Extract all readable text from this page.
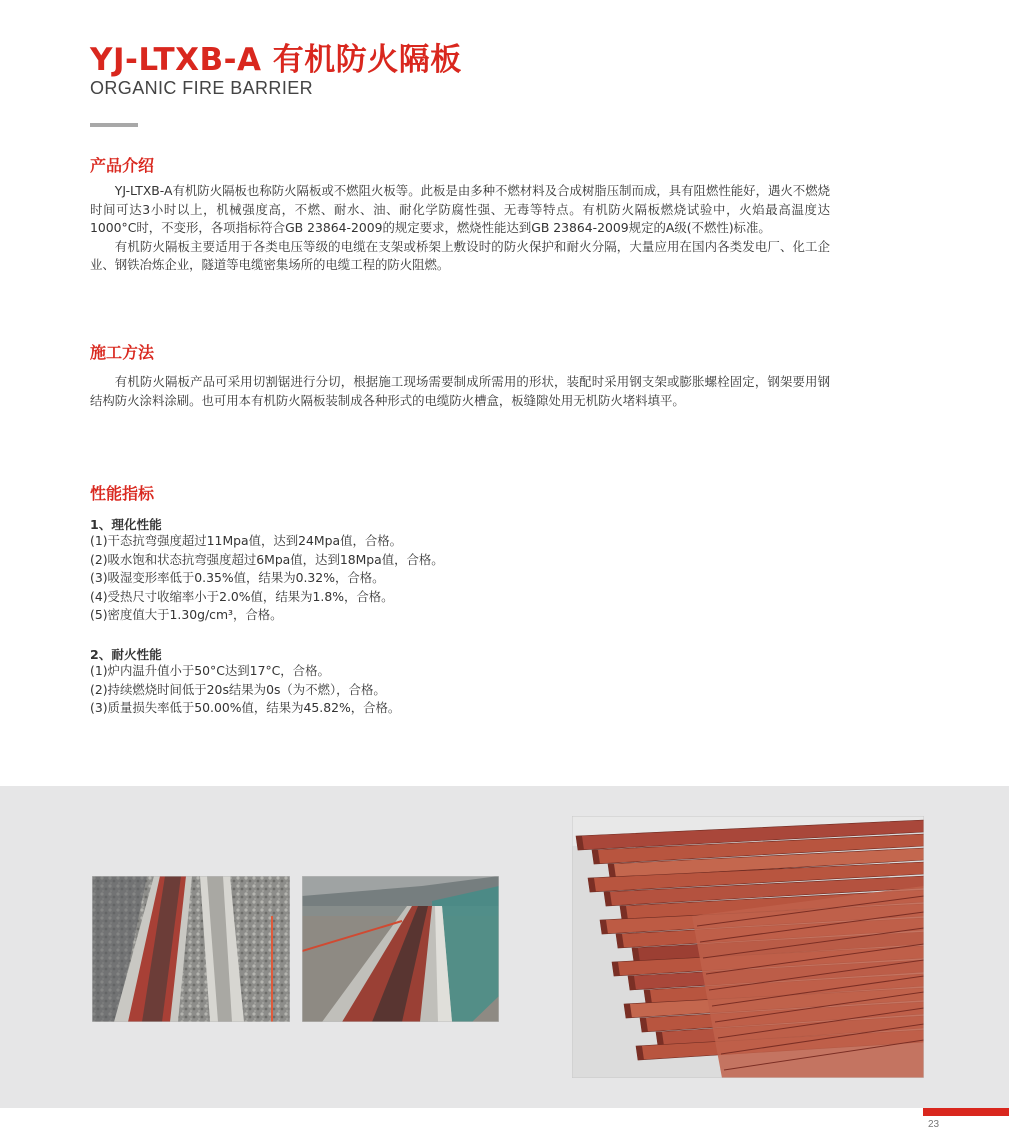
YJ-LTXB-A 有机防火隔板
ORGANIC FIRE BARRIER
产品介绍
YJ-LTXB-A有机防火隔板也称防火隔板或不燃阻火板等。此板是由多种不燃材料及合成树脂压制而成，具有阻燃性能好，遇火不燃烧时间可达3小时以上，机械强度高，不燃、耐水、油、耐化学防腐性强、无毒等特点。有机防火隔板燃烧试验中，火焰最高温度达1000°C时，不变形，各项指标符合GB 23864-2009的规定要求，燃烧性能达到GB 23864-2009规定的A级(不燃性)标准。
有机防火隔板主要适用于各类电压等级的电缆在支架或桥架上敷设时的防火保护和耐火分隔，大量应用在国内各类发电厂、化工企业、钢铁冶炼企业，隧道等电缆密集场所的电缆工程的防火阻燃。
施工方法
有机防火隔板产品可采用切割锯进行分切，根据施工现场需要制成所需用的形状，装配时采用钢支架或膨胀螺栓固定，钢架要用钢结构防火涂料涂刷。也可用本有机防火隔板装制成各种形式的电缆防火槽盒，板缝隙处用无机防火堵料填平。
性能指标
1、理化性能
(1)干态抗弯强度超过11Mpa值，达到24Mpa值，合格。
(2)吸水饱和状态抗弯强度超过6Mpa值，达到18Mpa值，合格。
(3)吸湿变形率低于0.35%值，结果为0.32%，合格。
(4)受热尺寸收缩率小于2.0%值，结果为1.8%，合格。
(5)密度值大于1.30g/cm³，合格。
2、耐火性能
(1)炉内温升值小于50°C达到17°C，合格。
(2)持续燃烧时间低于20s结果为0s（为不燃），合格。
(3)质量损失率低于50.00%值，结果为45.82%，合格。
23
